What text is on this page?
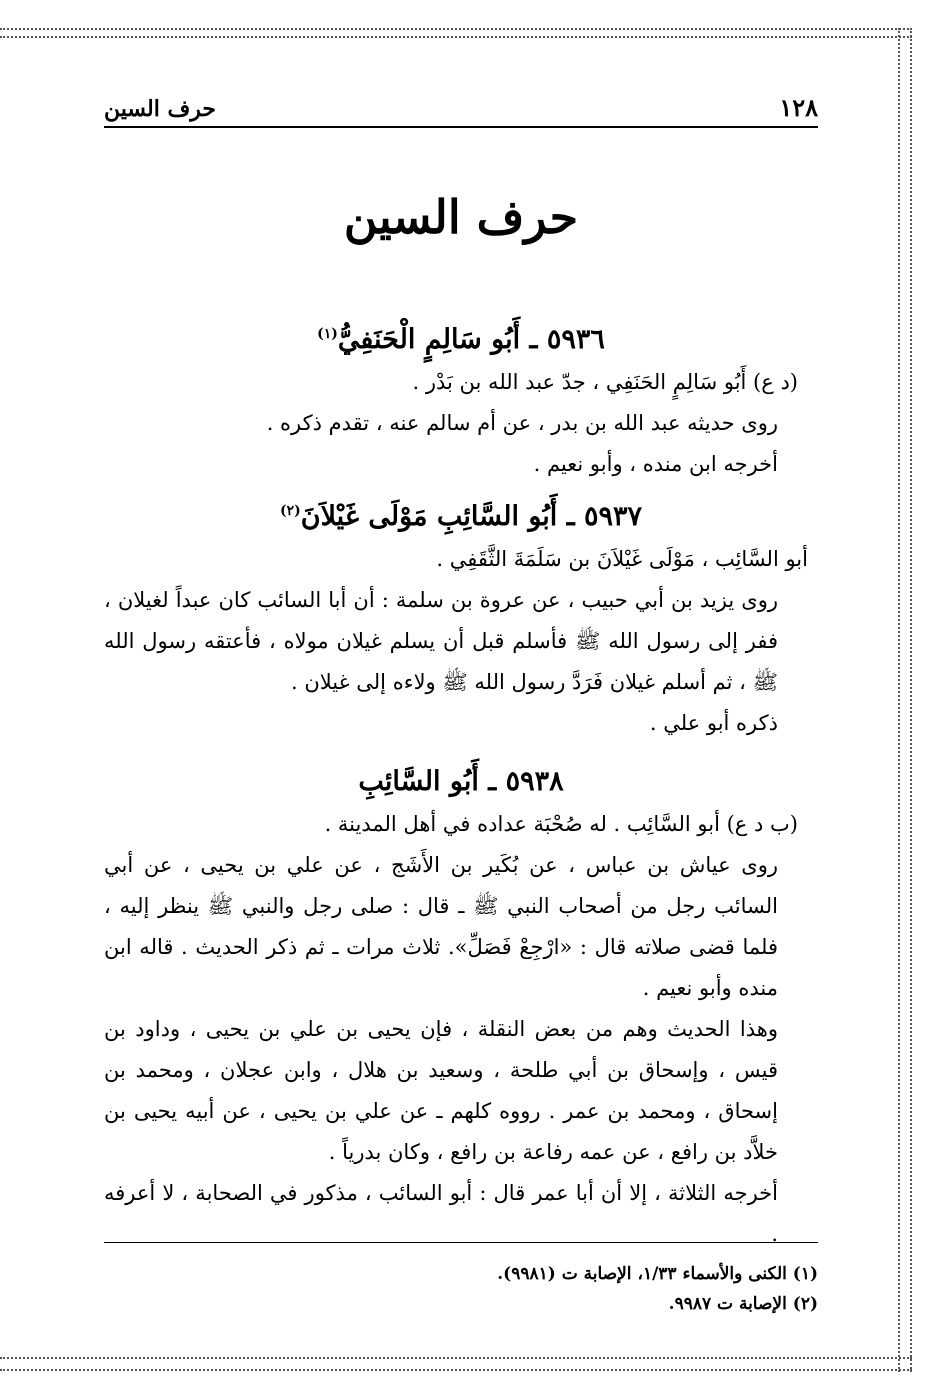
١٢٨
حرف السين
حرف السين

٥٩٣٦ ـ أَبُو سَالِمٍ الْحَنَفِيُّ$^{(١)}$

(د ع) أَبُو سَالِمٍ الحَنَفِي ، جدّ عبد الله بن بَدْر .

روى حديثه عبد الله بن بدر ، عن أم سالم عنه ، تقدم ذكره .

أخرجه ابن منده ، وأبو نعيم .

٥٩٣٧ ـ أَبُو السَّائِبِ مَوْلَى غَيْلاَنَ$^{(٢)}$

أبو السَّائِب ، مَوْلَى غَيْلاَنَ بن سَلَمَةَ الثَّقَفِي .

روى يزيد بن أبي حبيب ، عن عروة بن سلمة : أن أبا السائب كان عبداً لغيلان ، ففر إلى رسول الله ﷺ فأسلم قبل أن يسلم غيلان مولاه ، فأعتقه رسول الله ﷺ ، ثم أسلم غيلان فَرَدَّ رسول الله ﷺ ولاءه إلى غيلان .

ذكره أبو علي .

٥٩٣٨ ـ أَبُو السَّائِبِ

(ب د ع) أبو السَّائِب . له صُحْبَة عداده في أهل المدينة .

روى عياش بن عباس ، عن بُكَير بن الأَشَج ، عن علي بن يحيى ، عن أبي السائب رجل من أصحاب النبي ﷺ ـ قال : صلى رجل والنبي ﷺ ينظر إليه ، فلما قضى صلاته قال : «ارْجِعْ فَصَلِّ». ثلاث مرات ـ ثم ذكر الحديث . قاله ابن منده وأبو نعيم .

وهذا الحديث وهم من بعض النقلة ، فإن يحيى بن علي بن يحيى ، وداود بن قيس ، وإسحاق بن أبي طلحة ، وسعيد بن هلال ، وابن عجلان ، ومحمد بن إسحاق ، ومحمد بن عمر . رووه كلهم ـ عن علي بن يحيى ، عن أبيه يحيى بن خلاَّد بن رافع ، عن عمه رفاعة بن رافع ، وكان بدرياً .

أخرجه الثلاثة ، إلا أن أبا عمر قال : أبو السائب ، مذكور في الصحابة ، لا أعرفه .

(١) الكنى والأسماء ١/٣٣، الإصابة ت (٩٩٨١).

(٢) الإصابة ت ٩٩٨٧.
